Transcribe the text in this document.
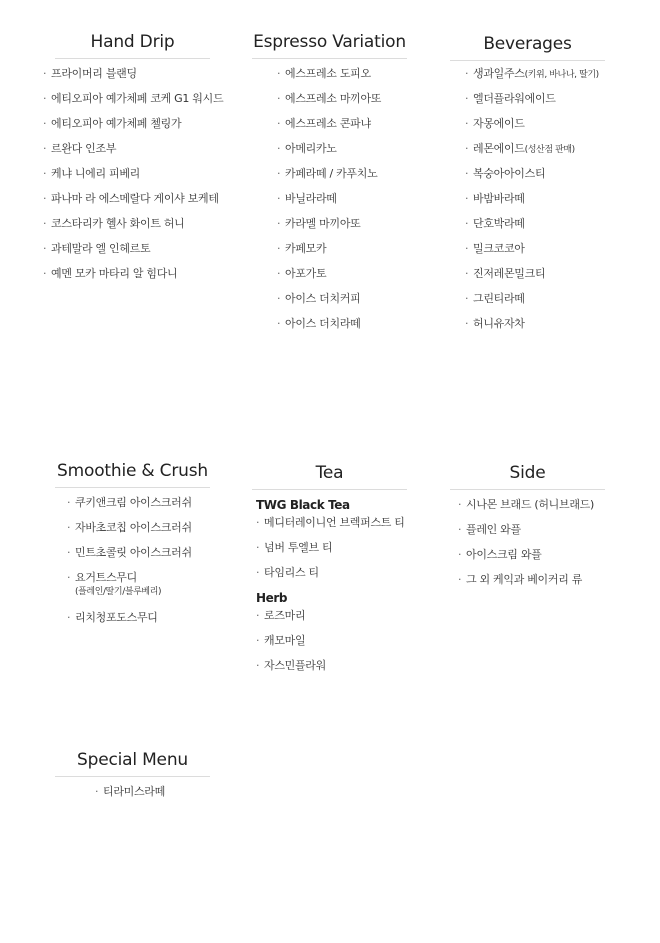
Hand Drip
· 프라이머리 블랜딩
· 에티오피아 예가체페 코케 G1 워시드
· 에티오피아 예가체페 첼링가
· 르완다 인조부
· 케냐 니에리 피베리
· 파나마 라 에스메랄다 게이샤 보케테
· 코스타리카 헬사 화이트 허니
· 과테말라 엘 인헤르토
· 예멘 모카 마타리 알 힘다니
Espresso Variation
· 에스프레소 도피오
· 에스프레소 마끼아또
· 에스프레소 콘파냐
· 아메리카노
· 카페라떼 / 카푸치노
· 바닐라라떼
· 카라멜 마끼아또
· 카페모카
· 아포가토
· 아이스 더치커피
· 아이스 더치라떼
Beverages
· 생과일주스(키위, 바나나, 딸기)
· 엘더플라워에이드
· 자몽에이드
· 레몬에이드(성산점 판매)
· 복숭아아이스티
· 바밤바라떼
· 단호박라떼
· 밀크코코아
· 진저레몬밀크티
· 그린티라떼
· 허니유자차
Smoothie & Crush
· 쿠키앤크림 아이스크러쉬
· 자바초코칩 아이스크러쉬
· 민트초콜릿 아이스크러쉬
· 요거트스무디
(플레인/딸기/블루베리)
· 리치청포도스무디
Tea
TWG Black Tea
· 메디터레이니언 브렉퍼스트 티
· 넘버 투엘브 티
· 타임리스 티
Herb
· 로즈마리
· 캐모마일
· 자스민플라워
Side
· 시나몬 브래드 (허니브래드)
· 플레인 와플
· 아이스크림 와플
· 그 외 케익과 베이커리 류
Special Menu
· 티라미스라떼
